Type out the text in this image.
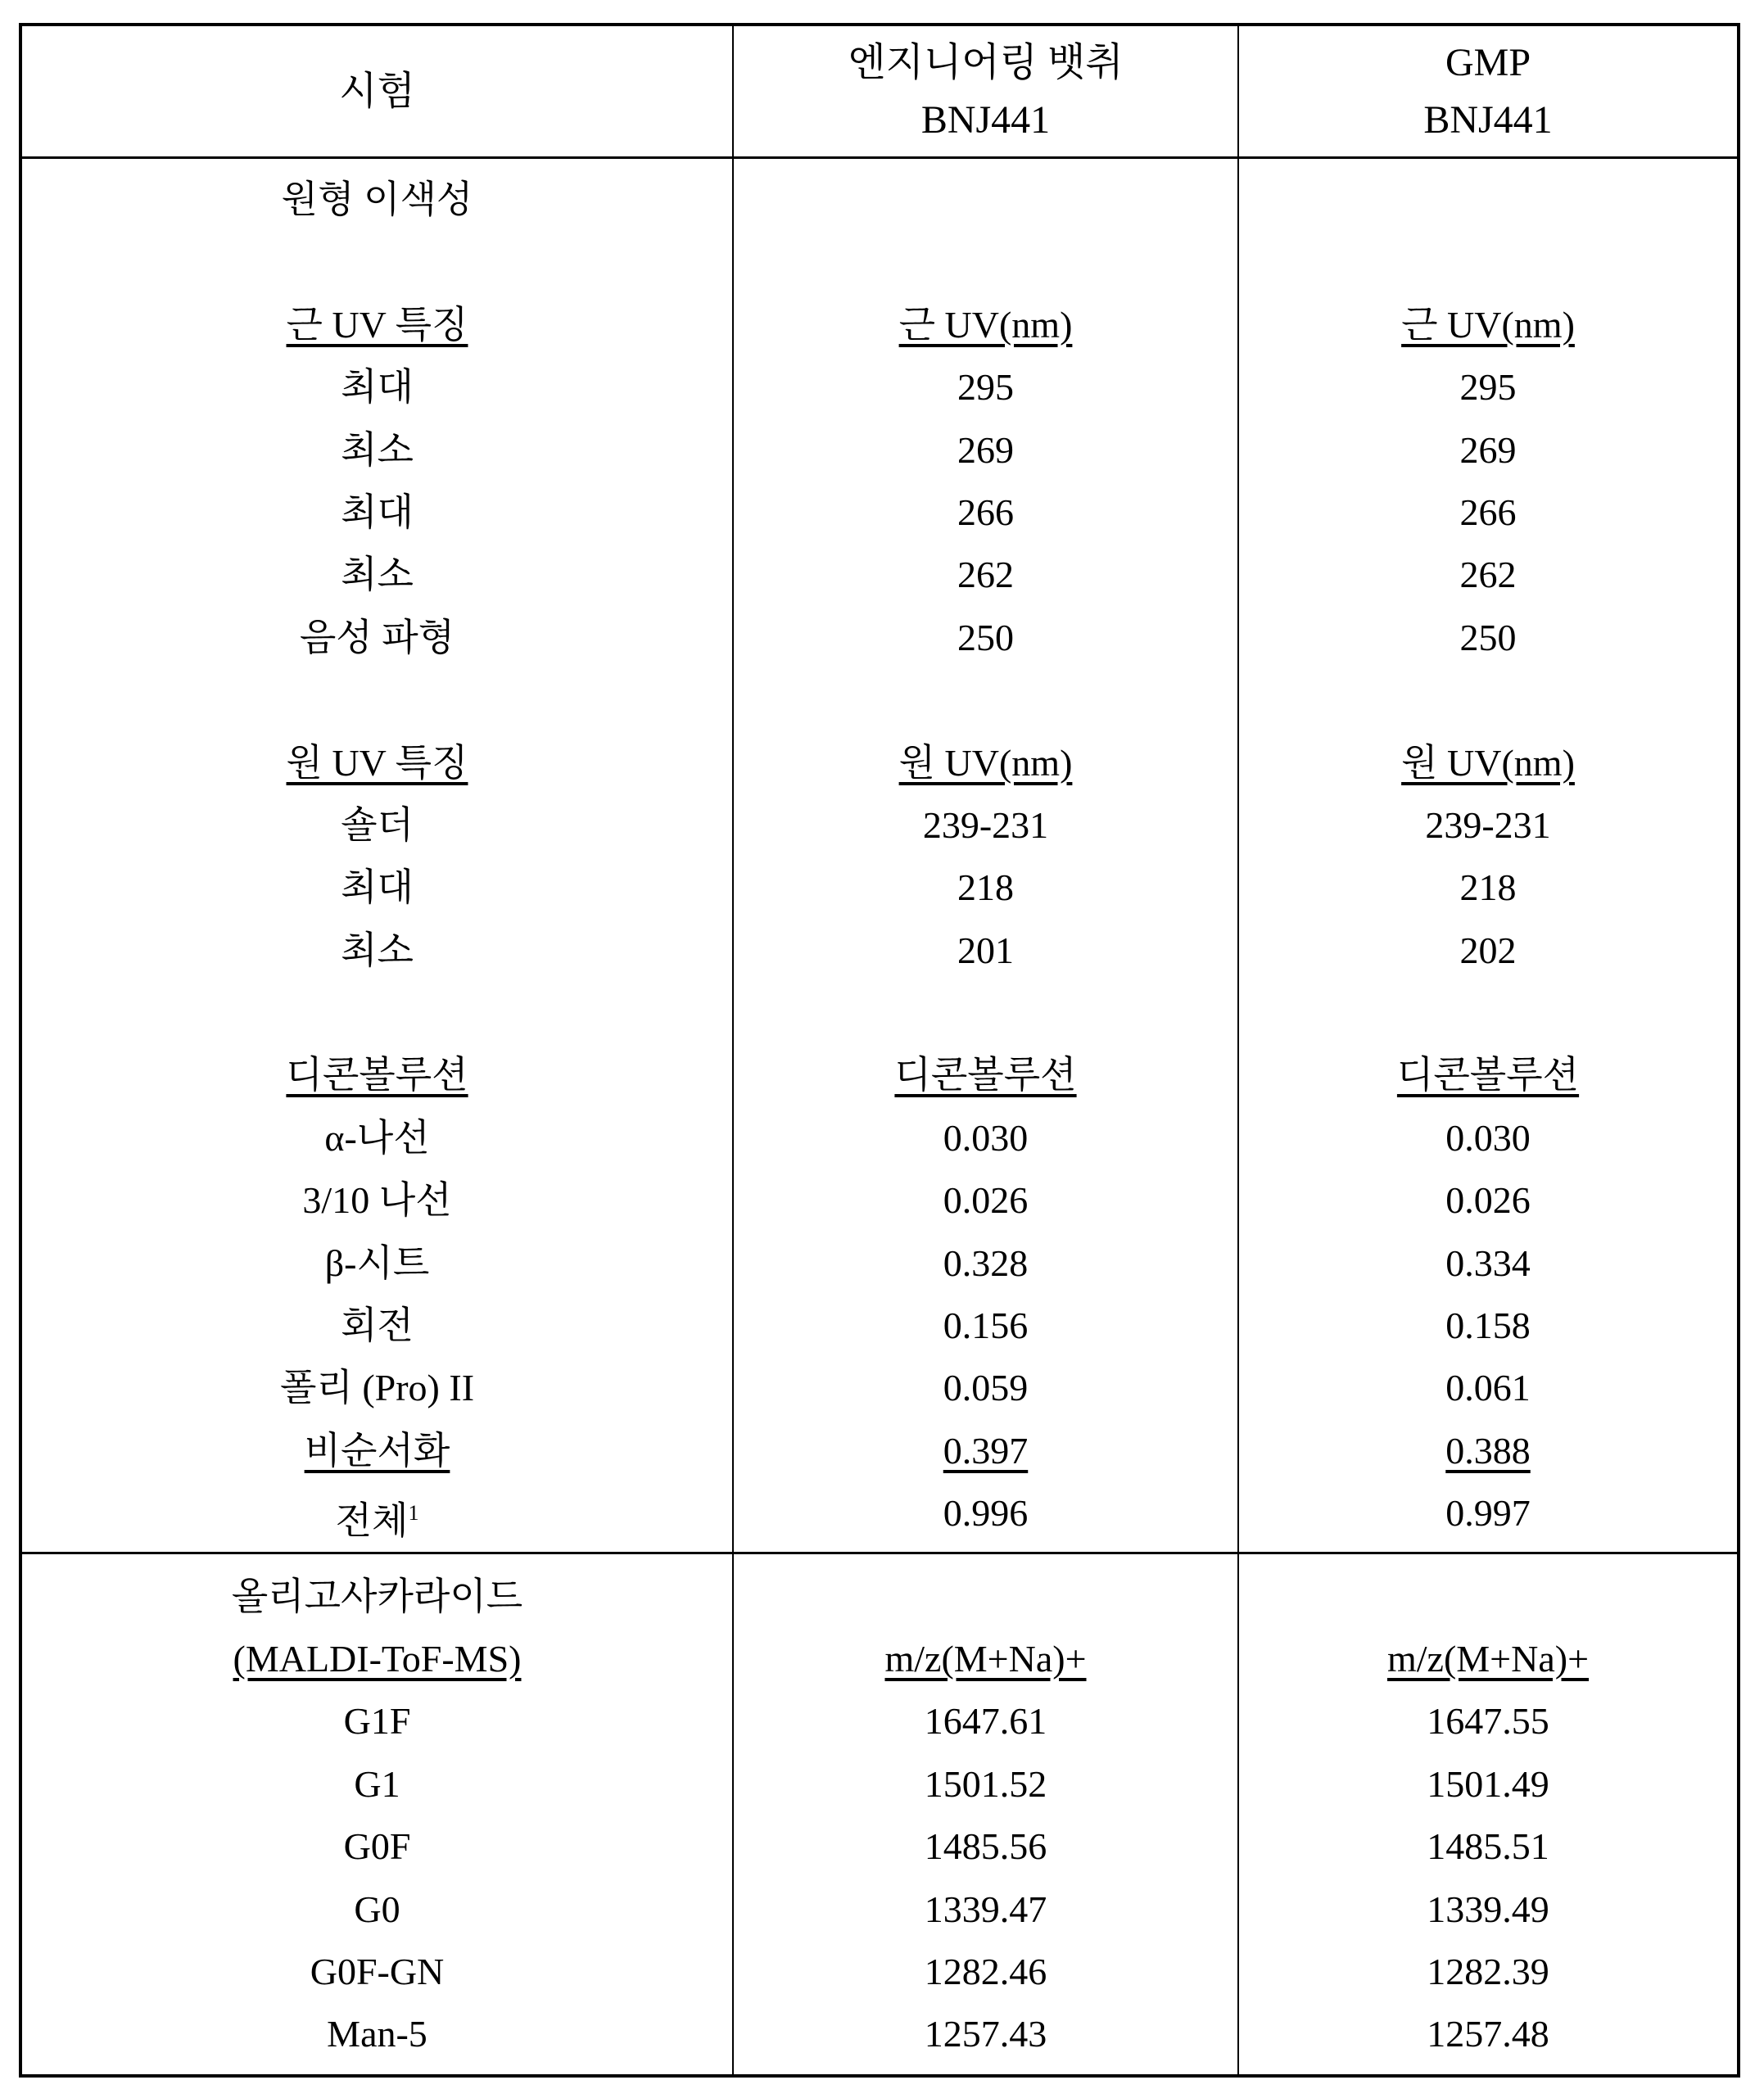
시험
엔지니어링 뱃취
BNJ441
GMP
BNJ441
원형 이색성
근 UV 특징
최대
최소
최대
최소
음성 파형
원 UV 특징
숄더
최대
최소
디콘볼루션
α-나선
3/10 나선
β-시트
회전
폴리 (Pro) II
비순서화
전체1
근 UV(nm)
295
269
266
262
250
원 UV(nm)
239-231
218
201
디콘볼루션
0.030
0.026
0.328
0.156
0.059
0.397
0.996
근 UV(nm)
295
269
266
262
250
원 UV(nm)
239-231
218
202
디콘볼루션
0.030
0.026
0.334
0.158
0.061
0.388
0.997
올리고사카라이드
(MALDI-ToF-MS)
G1F
G1
G0F
G0
G0F-GN
Man-5
m/z(M+Na)+
1647.61
1501.52
1485.56
1339.47
1282.46
1257.43
m/z(M+Na)+
1647.55
1501.49
1485.51
1339.49
1282.39
1257.48
